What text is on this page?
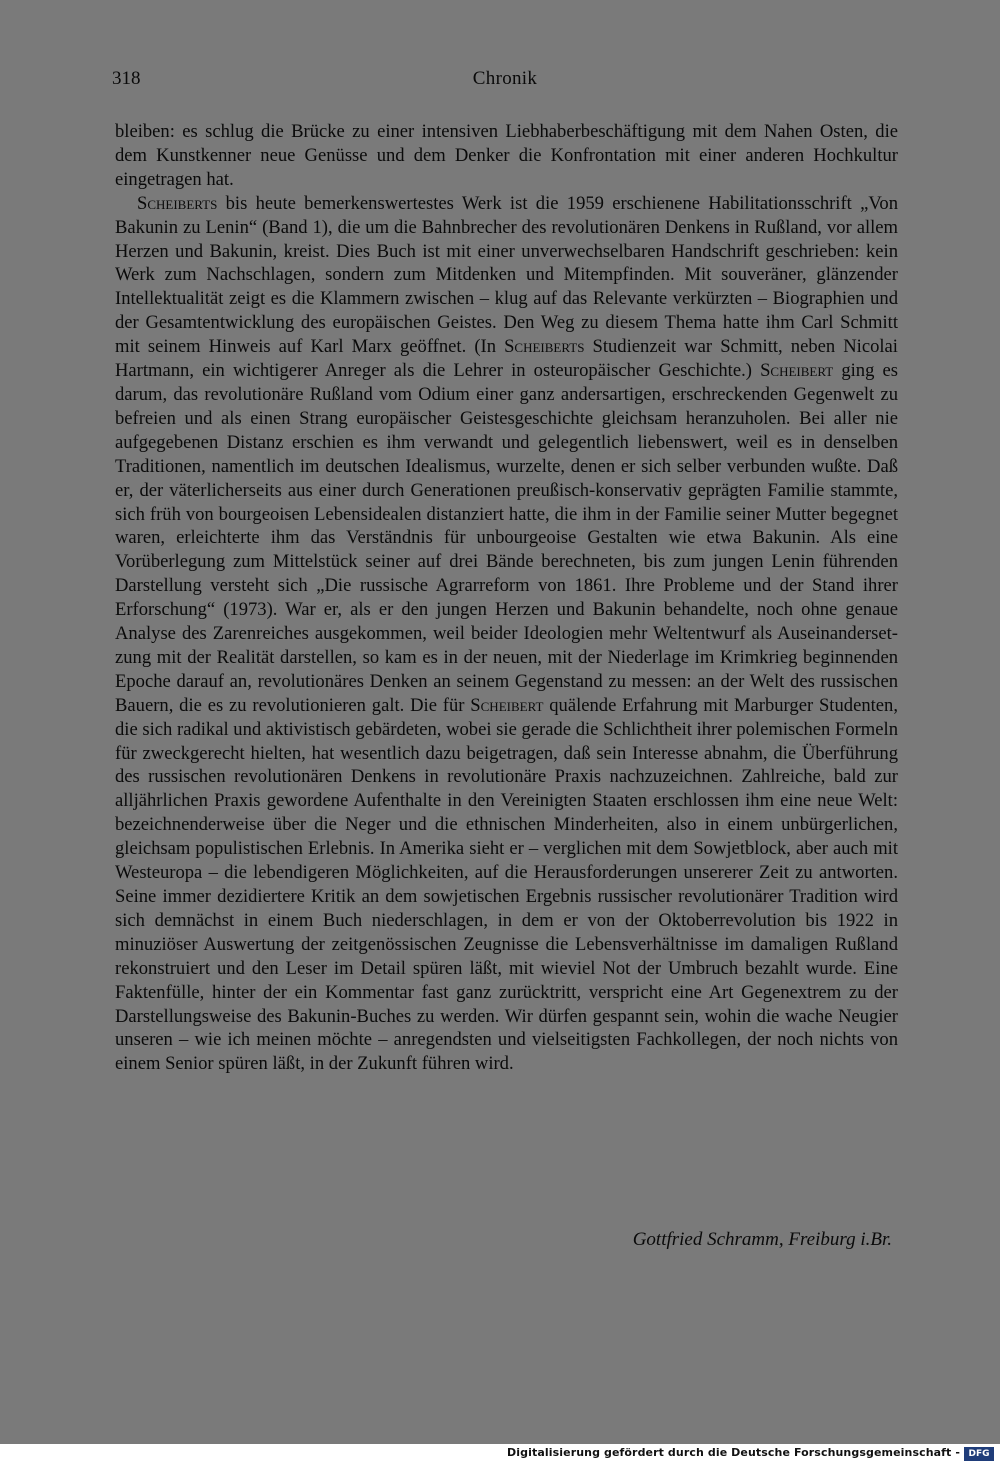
318	Chronik

bleiben: es schlug die Brücke zu einer intensiven Liebhaberbeschäftigung mit dem Nahen Osten, die dem Kunstkenner neue Genüsse und dem Denker die Konfrontation mit einer anderen Hochkultur eingetragen hat.

Scheiberts bis heute bemerkenswertestes Werk ist die 1959 erschienene Habilitationsschrift „Von Bakunin zu Lenin“ (Band 1), die um die Bahnbrecher des revolutionären Denkens in Rußland, vor allem Herzen und Bakunin, kreist. Dies Buch ist mit einer unverwechselbaren Handschrift geschrieben: kein Werk zum Nachschlagen, sondern zum Mitdenken und Mitempfinden. Mit souveräner, glänzender Intellektualität zeigt es die Klammern zwischen – klug auf das Relevante verkürzten – Biographien und der Gesamtentwicklung des europäischen Geistes. Den Weg zu diesem Thema hatte ihm Carl Schmitt mit seinem Hinweis auf Karl Marx geöffnet. (In Scheiberts Studienzeit war Schmitt, neben Nicolai Hartmann, ein wichtigerer Anreger als die Lehrer in osteuropäischer Geschichte.) Scheibert ging es darum, das revolutionäre Rußland vom Odium einer ganz andersartigen, erschreckenden Gegenwelt zu befreien und als einen Strang europäischer Geistesgeschichte gleichsam heranzuholen. Bei aller nie aufgegebenen Distanz erschien es ihm verwandt und gelegentlich liebenswert, weil es in denselben Traditionen, namentlich im deutschen Idealismus, wurzelte, denen er sich selber verbunden wußte. Daß er, der väterlicherseits aus einer durch Generationen preußisch-konservativ geprägten Familie stammte, sich früh von bourgeoisen Lebensidealen distanziert hatte, die ihm in der Familie seiner Mutter begegnet waren, erleichterte ihm das Verständnis für unbourgeoise Gestalten wie etwa Bakunin. Als eine Vorüberlegung zum Mittelstück seiner auf drei Bände berechneten, bis zum jungen Lenin führenden Darstellung versteht sich „Die russische Agrarreform von 1861. Ihre Probleme und der Stand ihrer Erforschung“ (1973). War er, als er den jungen Herzen und Bakunin behandelte, noch ohne genaue Analyse des Zarenreiches ausgekommen, weil beider Ideologien mehr Weltentwurf als Auseinandersetzung mit der Realität darstellen, so kam es in der neuen, mit der Niederlage im Krimkrieg beginnenden Epoche darauf an, revolutionäres Denken an seinem Gegenstand zu messen: an der Welt des russischen Bauern, die es zu revolutionieren galt. Die für Scheibert quälende Erfahrung mit Marburger Studenten, die sich radikal und aktivistisch gebärdeten, wobei sie gerade die Schlichtheit ihrer polemischen Formeln für zweckgerecht hielten, hat wesentlich dazu beigetragen, daß sein Interesse abnahm, die Überführung des russischen revolutionären Denkens in revolutionäre Praxis nachzuzeichnen. Zahlreiche, bald zur alljährlichen Praxis gewordene Aufenthalte in den Vereinigten Staaten erschlossen ihm eine neue Welt: bezeichnenderweise über die Neger und die ethnischen Minderheiten, also in einem unbürgerlichen, gleichsam populistischen Erlebnis. In Amerika sieht er – verglichen mit dem Sowjetblock, aber auch mit Westeuropa – die lebendigeren Möglichkeiten, auf die Herausforderungen unsererer Zeit zu antworten. Seine immer dezidiertere Kritik an dem sowjetischen Ergebnis russischer revolutionärer Tradition wird sich demnächst in einem Buch niederschlagen, in dem er von der Oktoberrevolution bis 1922 in minuziöser Auswertung der zeitgenössischen Zeugnisse die Lebensverhältnisse im damaligen Rußland rekonstruiert und den Leser im Detail spüren läßt, mit wieviel Not der Umbruch bezahlt wurde. Eine Faktenfülle, hinter der ein Kommentar fast ganz zurücktritt, verspricht eine Art Gegenextrem zu der Darstellungsweise des Bakunin-Buches zu werden. Wir dürfen gespannt sein, wohin die wache Neugier unseren – wie ich meinen möchte – anregendsten und vielseitigsten Fachkollegen, der noch nichts von einem Senior spüren läßt, in der Zukunft führen wird.

Gottfried Schramm, Freiburg i.Br.
Digitalisierung gefördert durch die Deutsche Forschungsgemeinschaft - DFG
